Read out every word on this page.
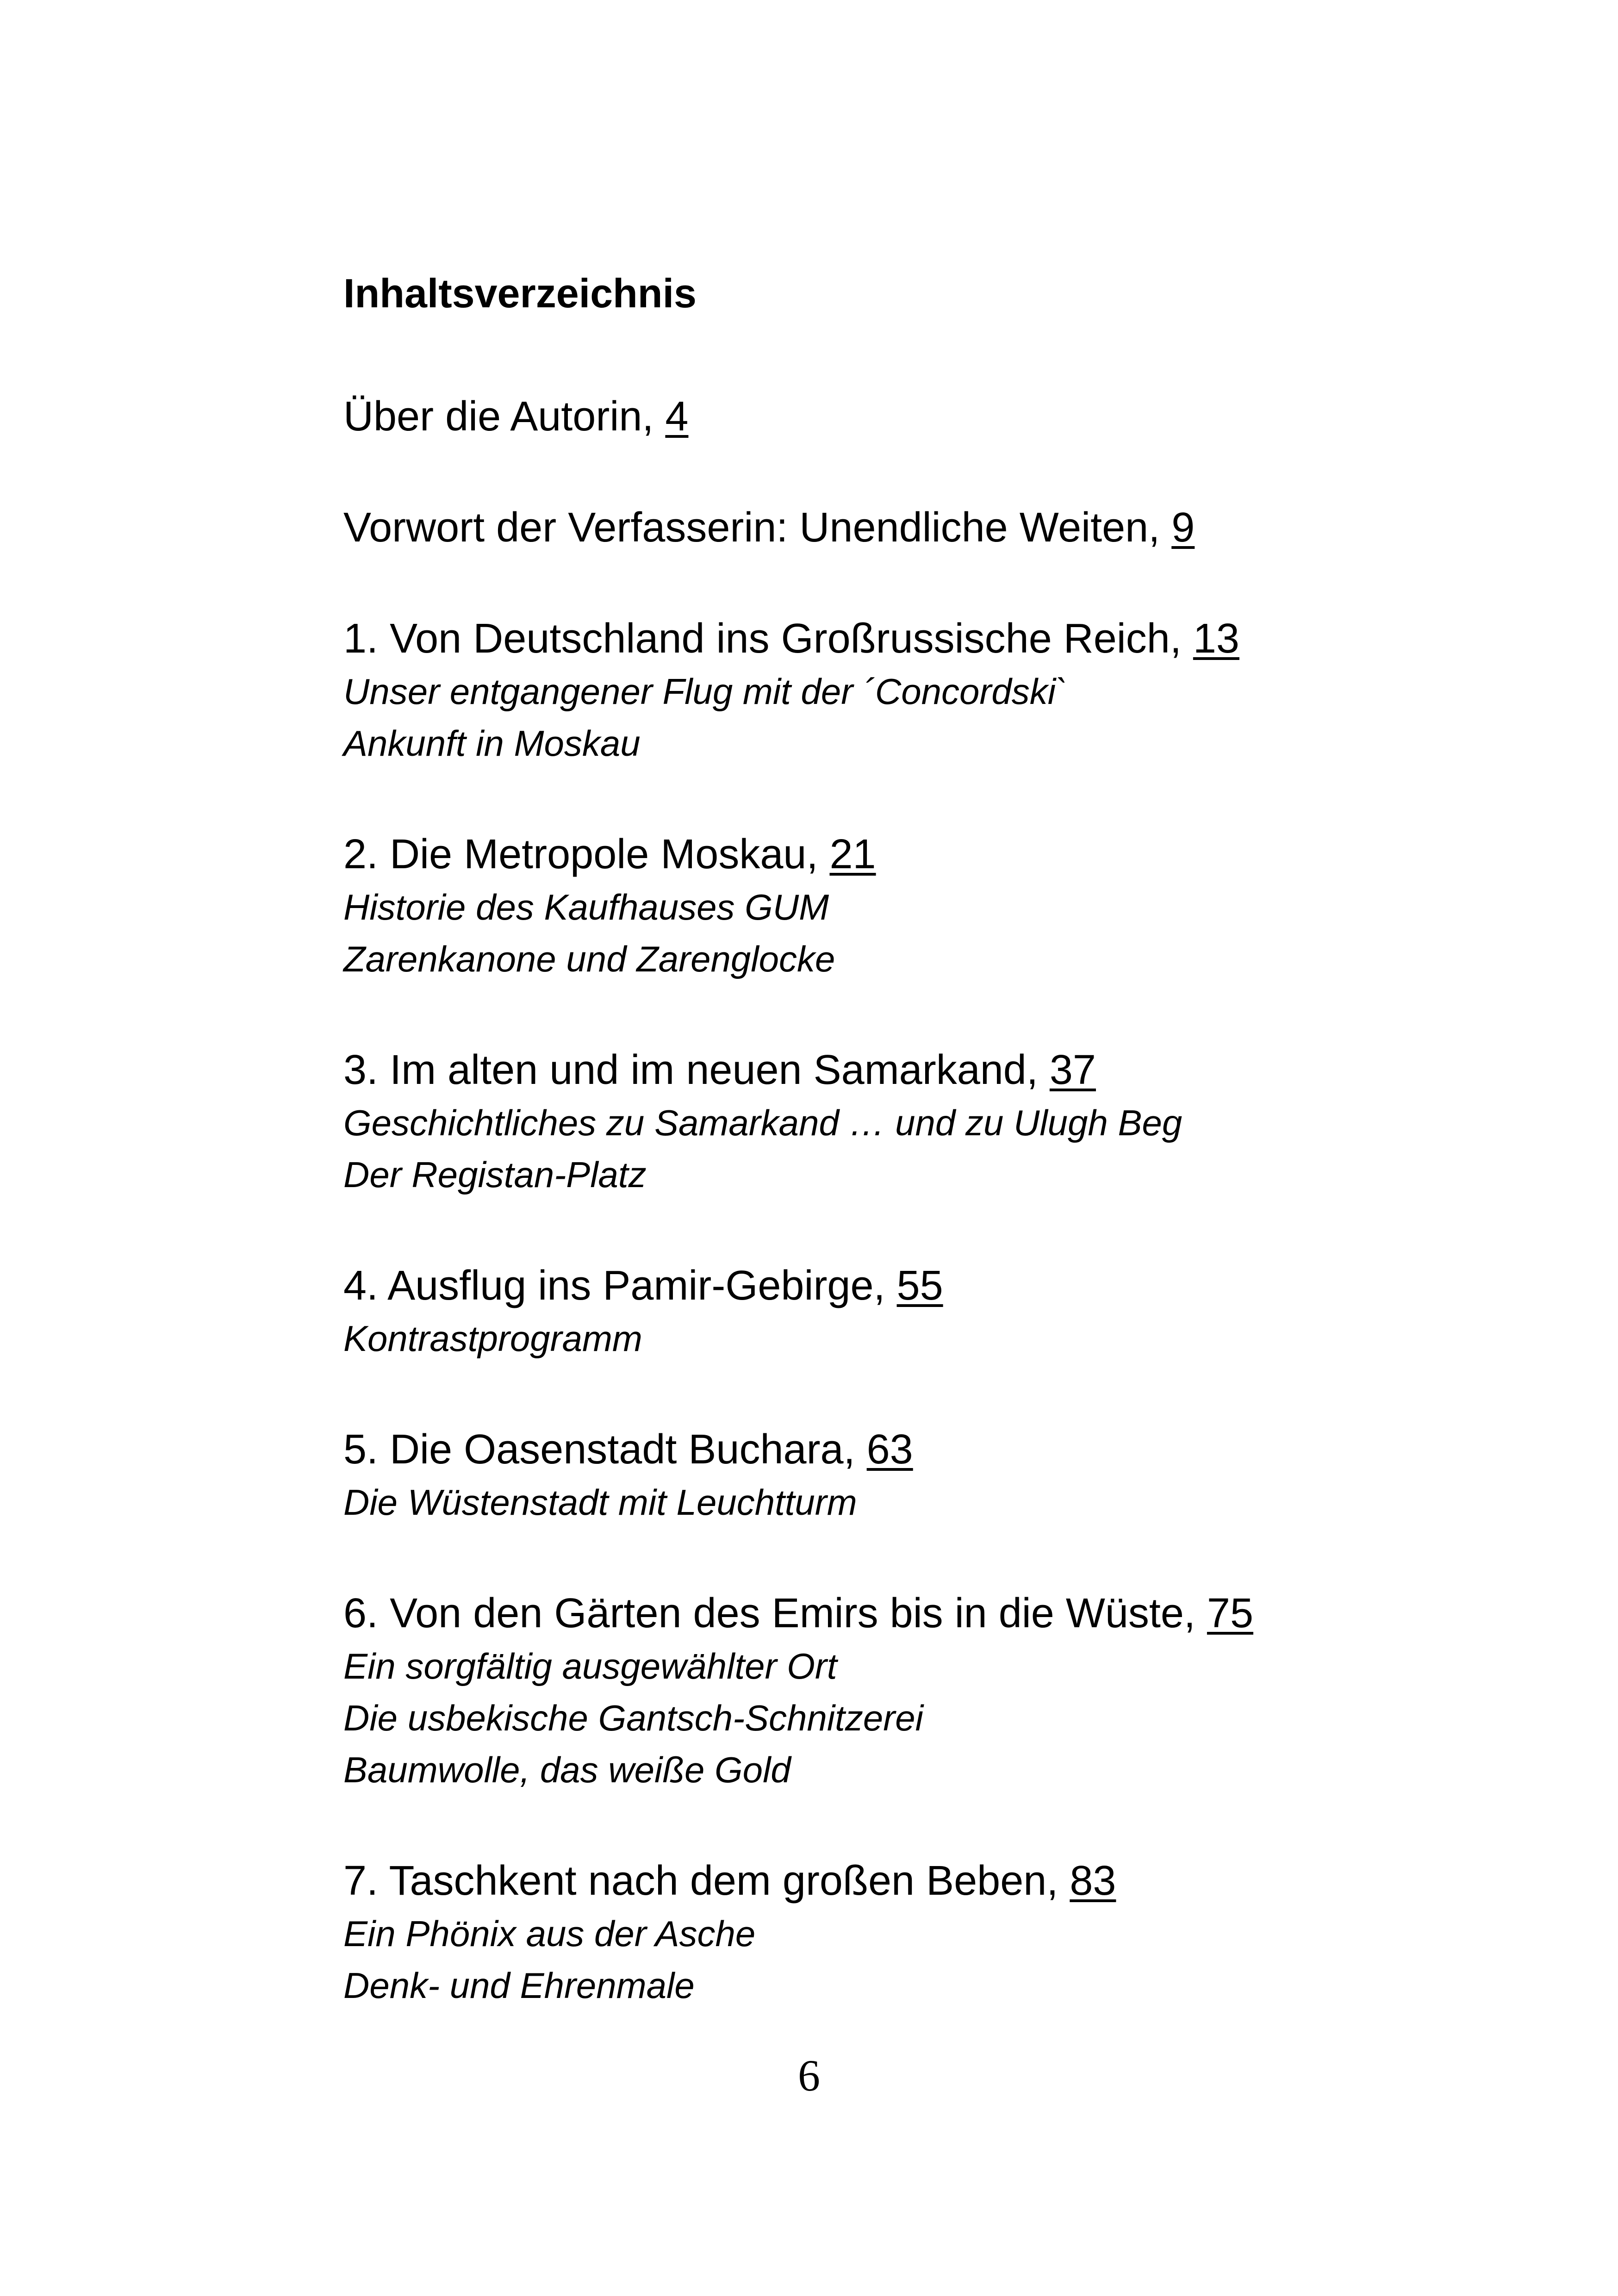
Inhaltsverzeichnis

Über die Autorin, 4

Vorwort der Verfasserin: Unendliche Weiten, 9

1. Von Deutschland ins Großrussische Reich, 13

Unser entgangener Flug mit der ´Concordski`

Ankunft in Moskau

2. Die Metropole Moskau, 21

Historie des Kaufhauses GUM

Zarenkanone und Zarenglocke

3. Im alten und im neuen Samarkand, 37

Geschichtliches zu Samarkand … und zu Ulugh Beg

Der Registan-Platz

4. Ausflug ins Pamir-Gebirge, 55

Kontrastprogramm

5. Die Oasenstadt Buchara, 63

Die Wüstenstadt mit Leuchtturm

6. Von den Gärten des Emirs bis in die Wüste, 75

Ein sorgfältig ausgewählter Ort

Die usbekische Gantsch-Schnitzerei

Baumwolle, das weiße Gold

7. Taschkent nach dem großen Beben, 83

Ein Phönix aus der Asche

Denk- und Ehrenmale

6
